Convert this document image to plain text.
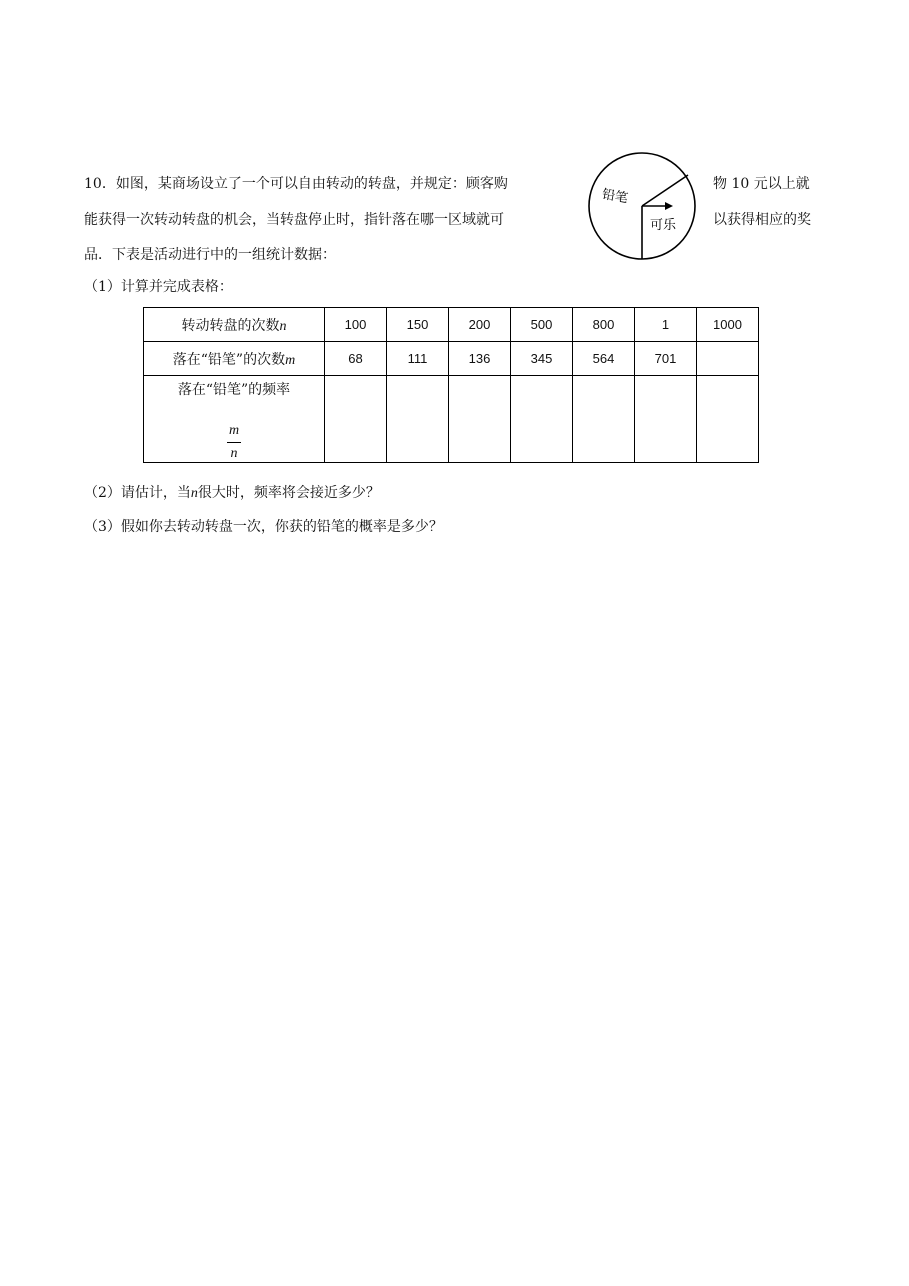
10．如图，某商场设立了一个可以自由转动的转盘，并规定：顾客购	物 10 元以上就
能获得一次转动转盘的机会，当转盘停止时，指针落在哪一区域就可	以获得相应的奖
品．下表是活动进行中的一组统计数据：
（1）计算并完成表格：
铅笔
可乐
转动转盘的次数n	100	150	200	500	800	1	1000
落在“铅笔”的次数m	68	111	136	345	564	701	

落在“铅笔”的频率
$\frac{m}{n}$							
（2）请估计，当n很大时，频率将会接近多少？
（3）假如你去转动转盘一次，你获的铅笔的概率是多少？
